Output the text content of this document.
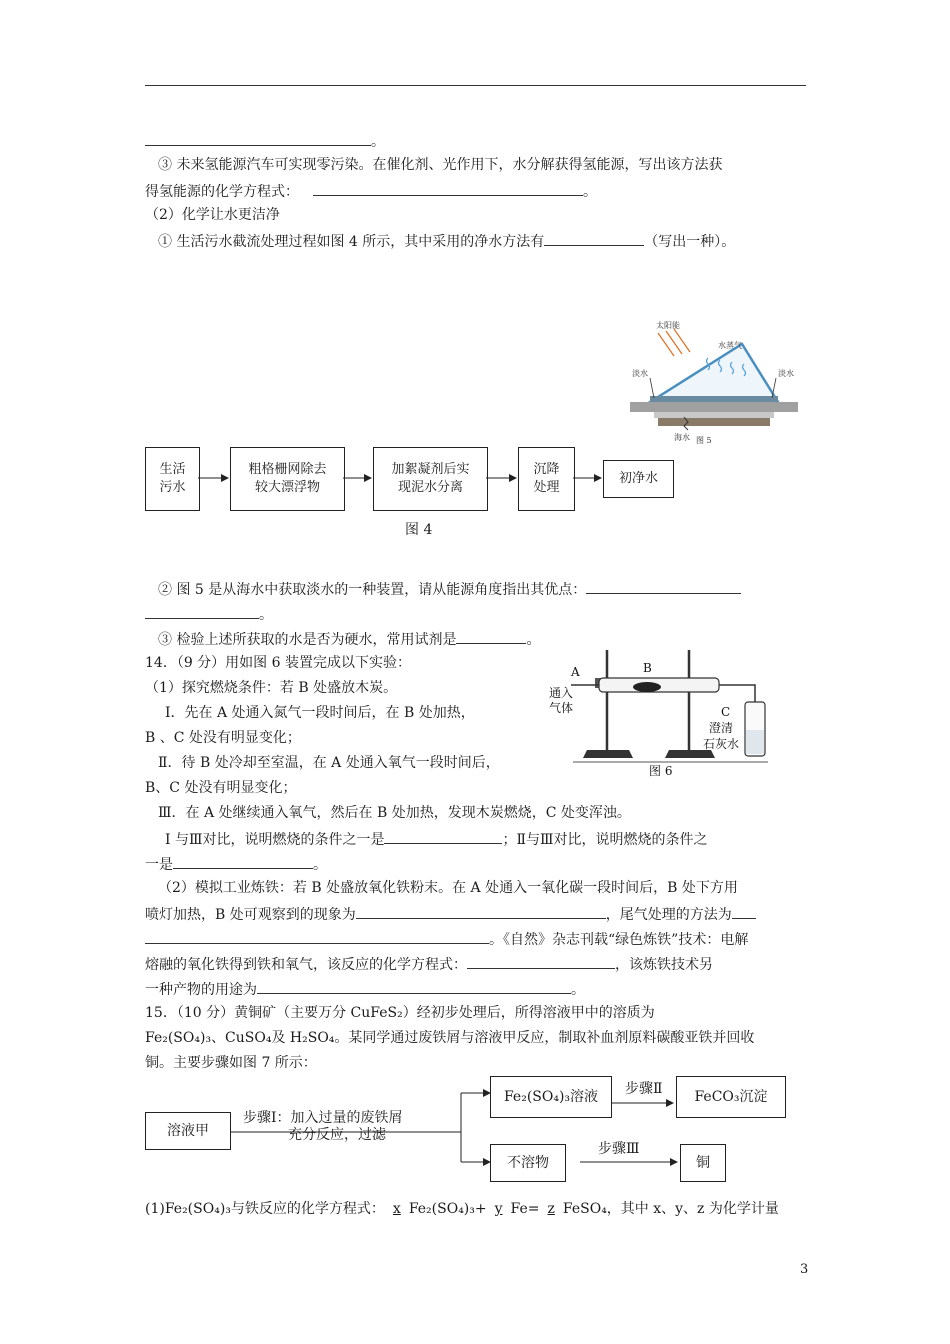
。
③ 未来氢能源汽车可实现零污染。在催化剂、光作用下，水分解获得氢能源，写出该方法获
得氢能源的化学方程式：	。
（2）化学让水更洁净
① 生活污水截流处理过程如图 4 所示，其中采用的净水方法有	（写出一种）。
太阳能
水蒸气
淡水	淡水
海水 图 5
生活
污水
粗格栅网除去
较大漂浮物
加絮凝剂后实
现泥水分离
沉降
处理
初净水
图 4
② 图 5 是从海水中获取淡水的一种装置，请从能源角度指出其优点：
。
③ 检验上述所获取的水是否为硬水，常用试剂是	。
14．（9 分）用如图 6 装置完成以下实验：
（1）探究燃烧条件：若 B 处盛放木炭。
Ⅰ．先在 A 处通入氮气一段时间后，在 B 处加热，
B 、C 处没有明显变化；
Ⅱ．待 B 处冷却至室温，在 A 处通入氧气一段时间后，
B、C 处没有明显变化；
A	B
C
通入
气体
澄清
石灰水
图 6
Ⅲ．在 A 处继续通入氧气，然后在 B 处加热，发现木炭燃烧，C 处变浑浊。
Ⅰ 与Ⅲ对比，说明燃烧的条件之一是	；Ⅱ与Ⅲ对比，说明燃烧的条件之
一是	。
（2）模拟工业炼铁：若 B 处盛放氧化铁粉末。在 A 处通入一氧化碳一段时间后，B 处下方用
喷灯加热，B 处可观察到的现象为	，尾气处理的方法为
。《自然》杂志刊载“绿色炼铁”技术：电解
熔融的氧化铁得到铁和氧气，该反应的化学方程式：	，该炼铁技术另
一种产物的用途为	。
15．（10 分）黄铜矿（主要万分 CuFeS₂）经初步处理后，所得溶液甲中的溶质为
Fe₂(SO₄)₃、CuSO₄及 H₂SO₄。某同学通过废铁屑与溶液甲反应，制取补血剂原料碳酸亚铁并回收
铜。主要步骤如图 7 所示：
溶液甲
步骤Ⅰ：加入过量的废铁屑
充分反应，过滤
Fe₂(SO₄)₃溶液	步骤Ⅱ	FeCO₃沉淀
不溶物
步骤Ⅲ
铜
(1)Fe₂(SO₄)₃与铁反应的化学方程式： x Fe₂(SO₄)₃+ y Fe= z FeSO₄，其中 x、y、z 为化学计量
3
